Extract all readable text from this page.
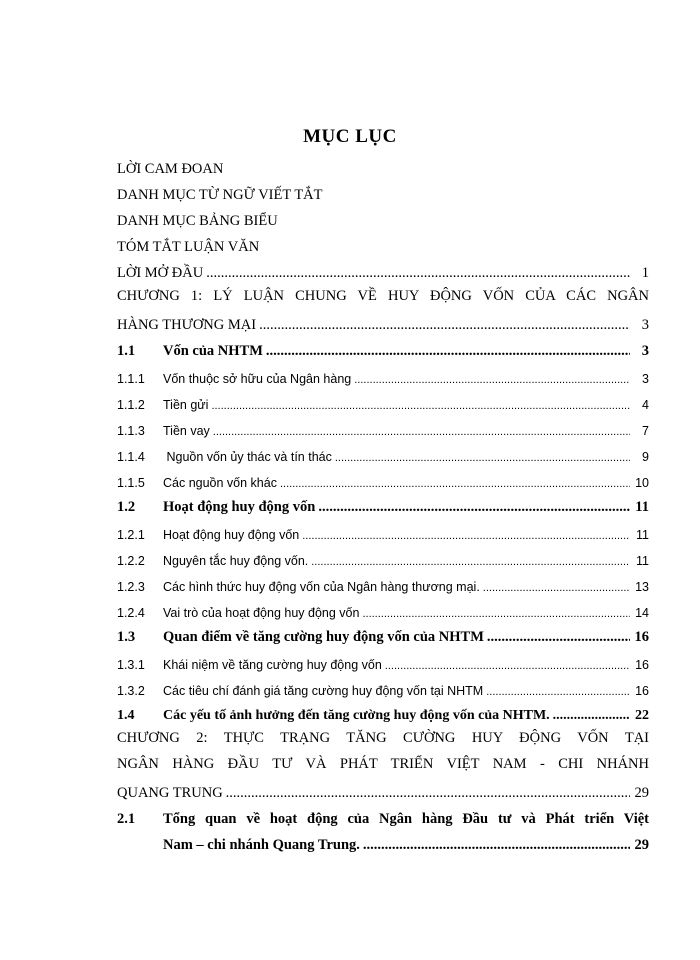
MỤC LỤC
LỜI CAM ĐOAN
DANH MỤC TỪ NGỮ VIẾT TẮT
DANH MỤC BẢNG BIỂU
TÓM TẮT LUẬN VĂN
LỜI MỞ ĐẦU .....	1
CHƯƠNG 1: LÝ LUẬN CHUNG VỀ HUY ĐỘNG VỐN CỦA CÁC NGÂN
HÀNG THƯƠNG MẠI .....	3
1.1	Vốn của NHTM .....	3
1.1.1	Vốn thuộc sở hữu của Ngân hàng .....	3
1.1.2	Tiền gửi .....	4
1.1.3	Tiền vay .....	7
1.1.4	Nguồn vốn ủy thác và tín thác .....	9
1.1.5	Các nguồn vốn khác .....	10
1.2	Hoạt động huy động vốn .....	11
1.2.1	Hoạt động huy động vốn .....	11
1.2.2	Nguyên tắc huy động vốn. .....	11
1.2.3	Các hình thức huy động vốn của Ngân hàng thương mại. .....	13
1.2.4	Vai trò của hoạt động huy động vốn .....	14
1.3	Quan điểm về tăng cường huy động vốn của NHTM .....	16
1.3.1	Khái niệm về tăng cường huy động vốn .....	16
1.3.2	Các tiêu chí đánh giá tăng cường huy động vốn tại NHTM .....	16
1.4	Các yếu tố ảnh hưởng đến tăng cường huy động vốn của NHTM. .....	22
CHƯƠNG 2: THỰC TRẠNG TĂNG CƯỜNG HUY ĐỘNG VỐN TẠI
NGÂN HÀNG ĐẦU TƯ VÀ PHÁT TRIỂN VIỆT NAM - CHI NHÁNH
QUANG TRUNG .....	29
2.1	Tổng quan về hoạt động của Ngân hàng Đầu tư và Phát triển Việt
Nam – chi nhánh Quang Trung. .....	29
